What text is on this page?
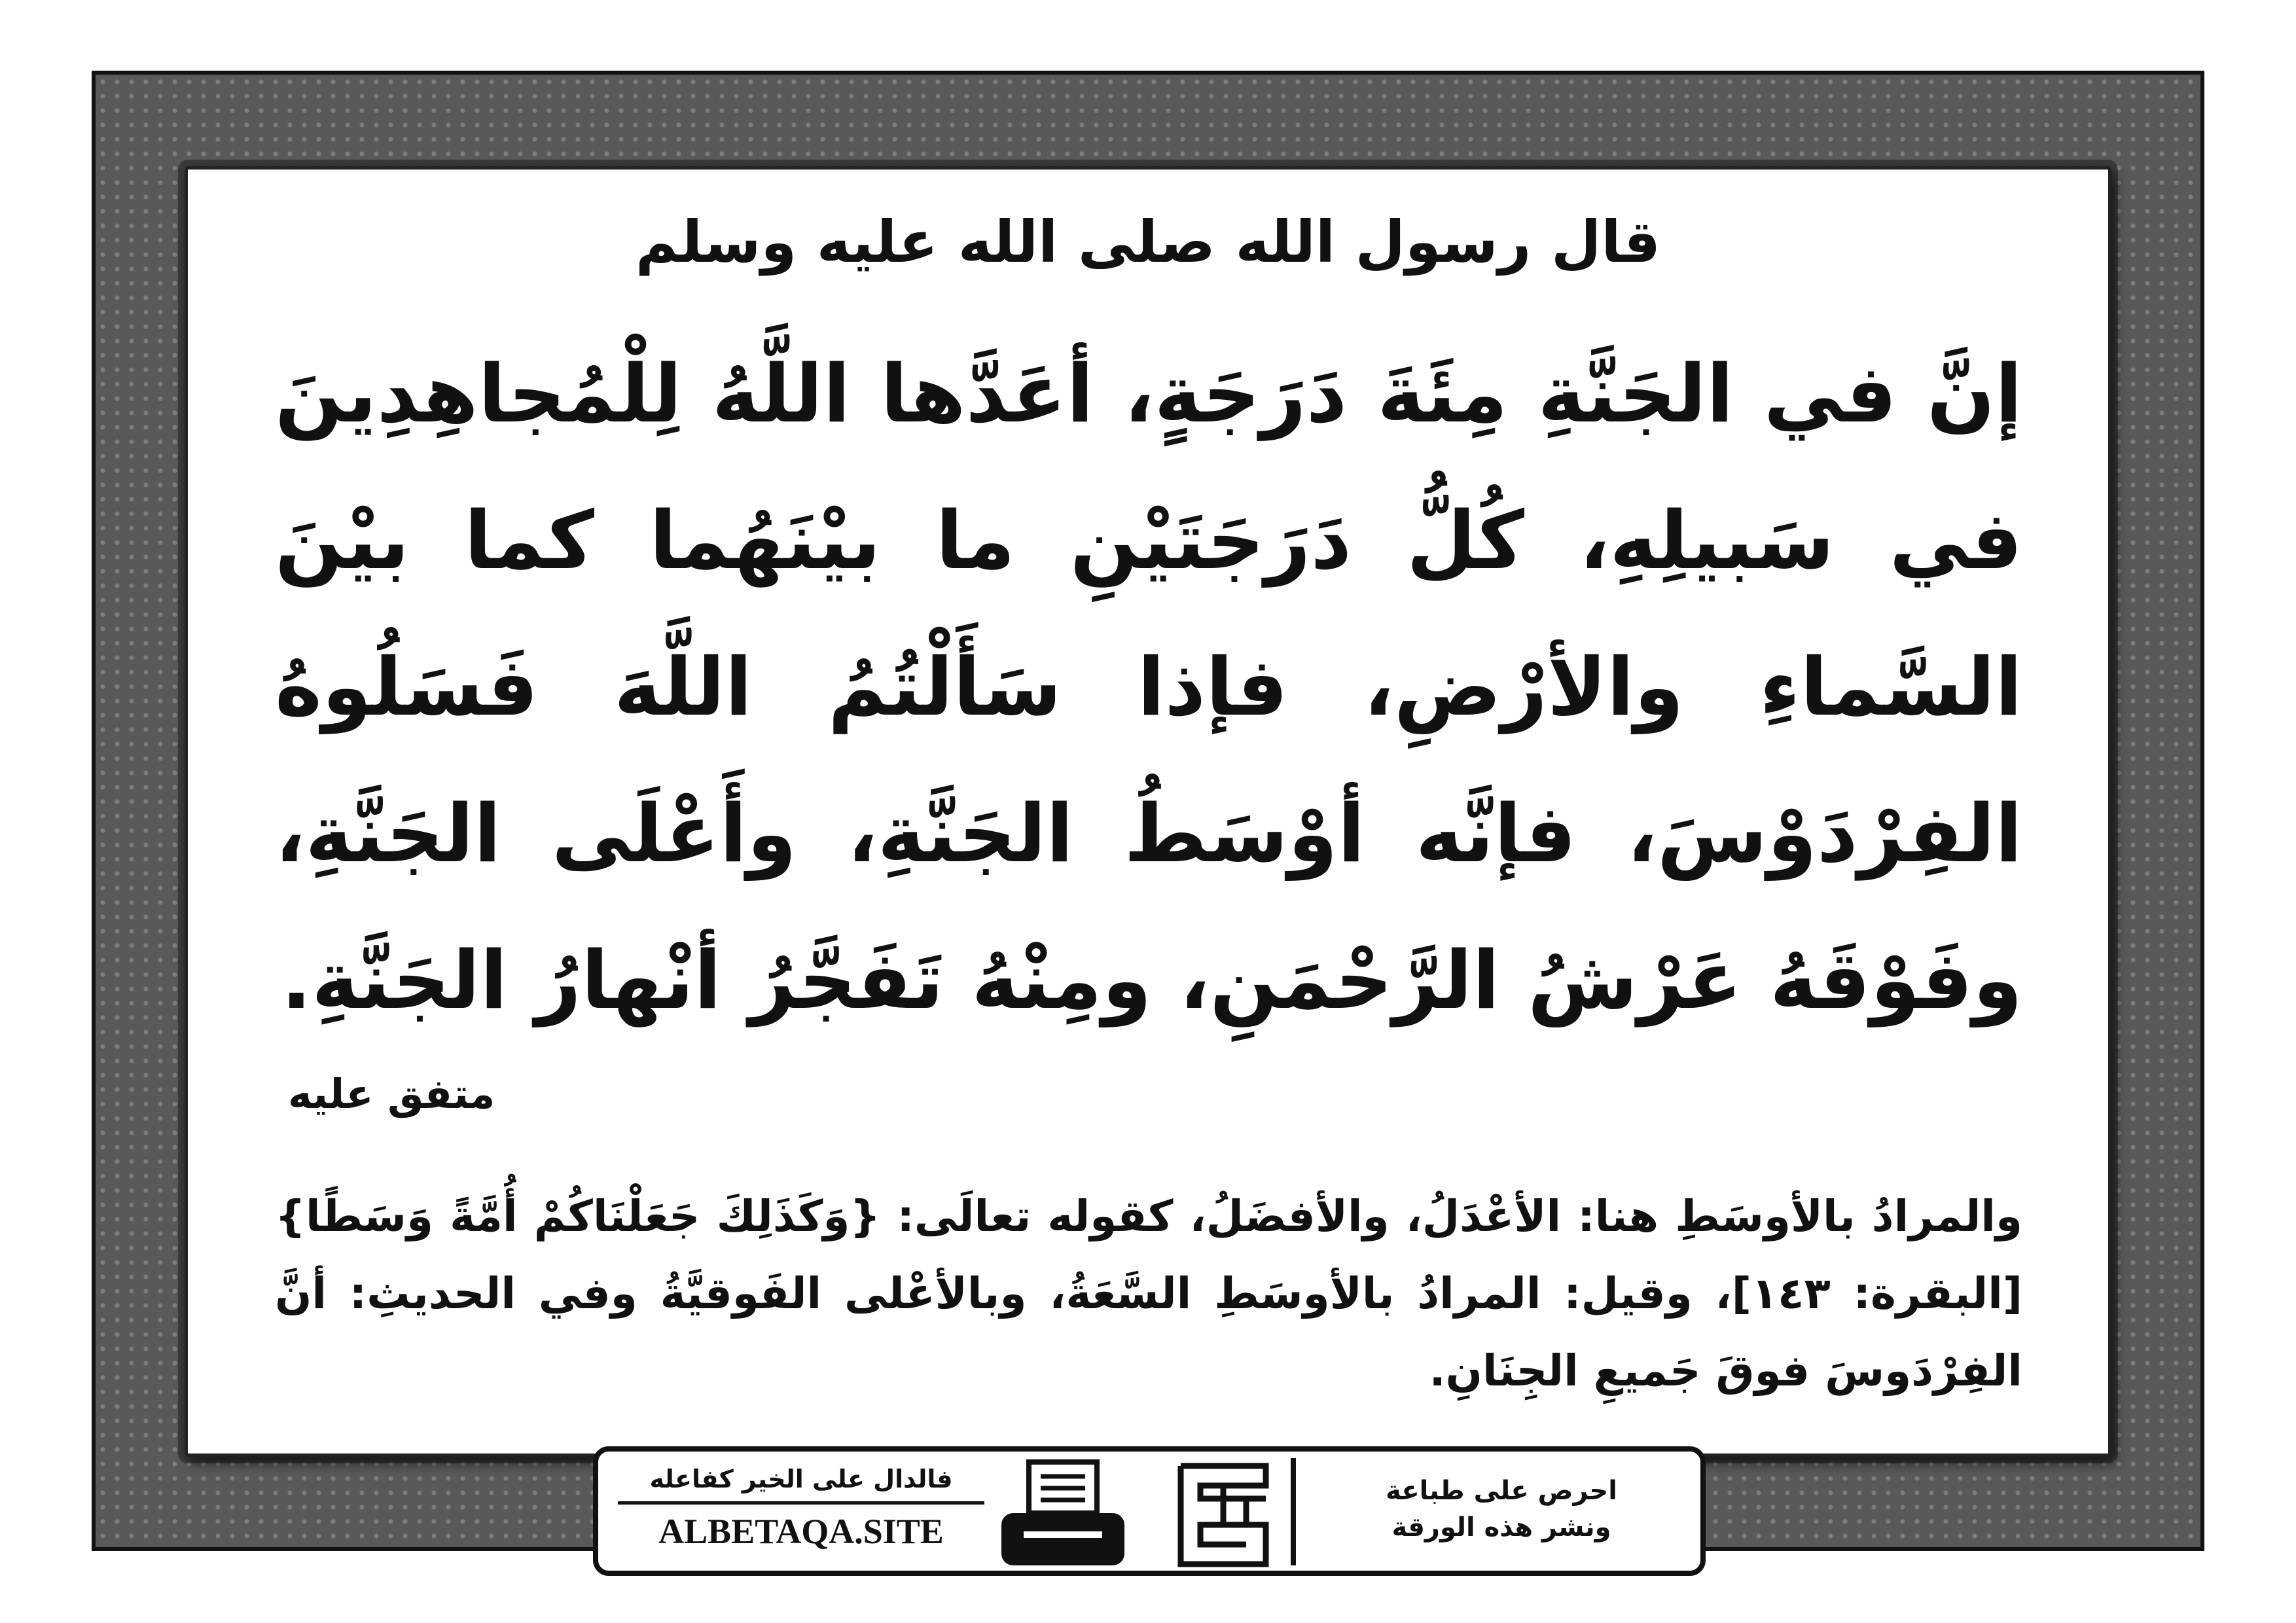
قال رسول الله صلى الله عليه وسلم
إنَّ في الجَنَّةِ مِئَةَ دَرَجَةٍ، أعَدَّها اللَّهُ لِلْمُجاهِدِينَ في سَبيلِهِ، كُلُّ دَرَجَتَيْنِ ما بيْنَهُما كما بيْنَ السَّماءِ والأرْضِ، فإذا سَأَلْتُمُ اللَّهَ فَسَلُوهُ الفِرْدَوْسَ، فإنَّه أوْسَطُ الجَنَّةِ، وأَعْلَى الجَنَّةِ، وفَوْقَهُ عَرْشُ الرَّحْمَنِ، ومِنْهُ تَفَجَّرُ أنْهارُ الجَنَّةِ.
متفق عليه
والمرادُ بالأوسَطِ هنا: الأعْدَلُ، والأفضَلُ، كقوله تعالَى: {وَكَذَلِكَ جَعَلْنَاكُمْ أُمَّةً وَسَطًا} [البقرة: ١٤٣]، وقيل: المرادُ بالأوسَطِ السَّعَةُ، وبالأعْلى الفَوقيَّةُ وفي الحديثِ: أنَّ الفِرْدَوسَ فوقَ جَميعِ الجِنَانِ.
فالدال على الخير كفاعله
ALBETAQA.SITE
احرص على طباعة
ونشر هذه الورقة
